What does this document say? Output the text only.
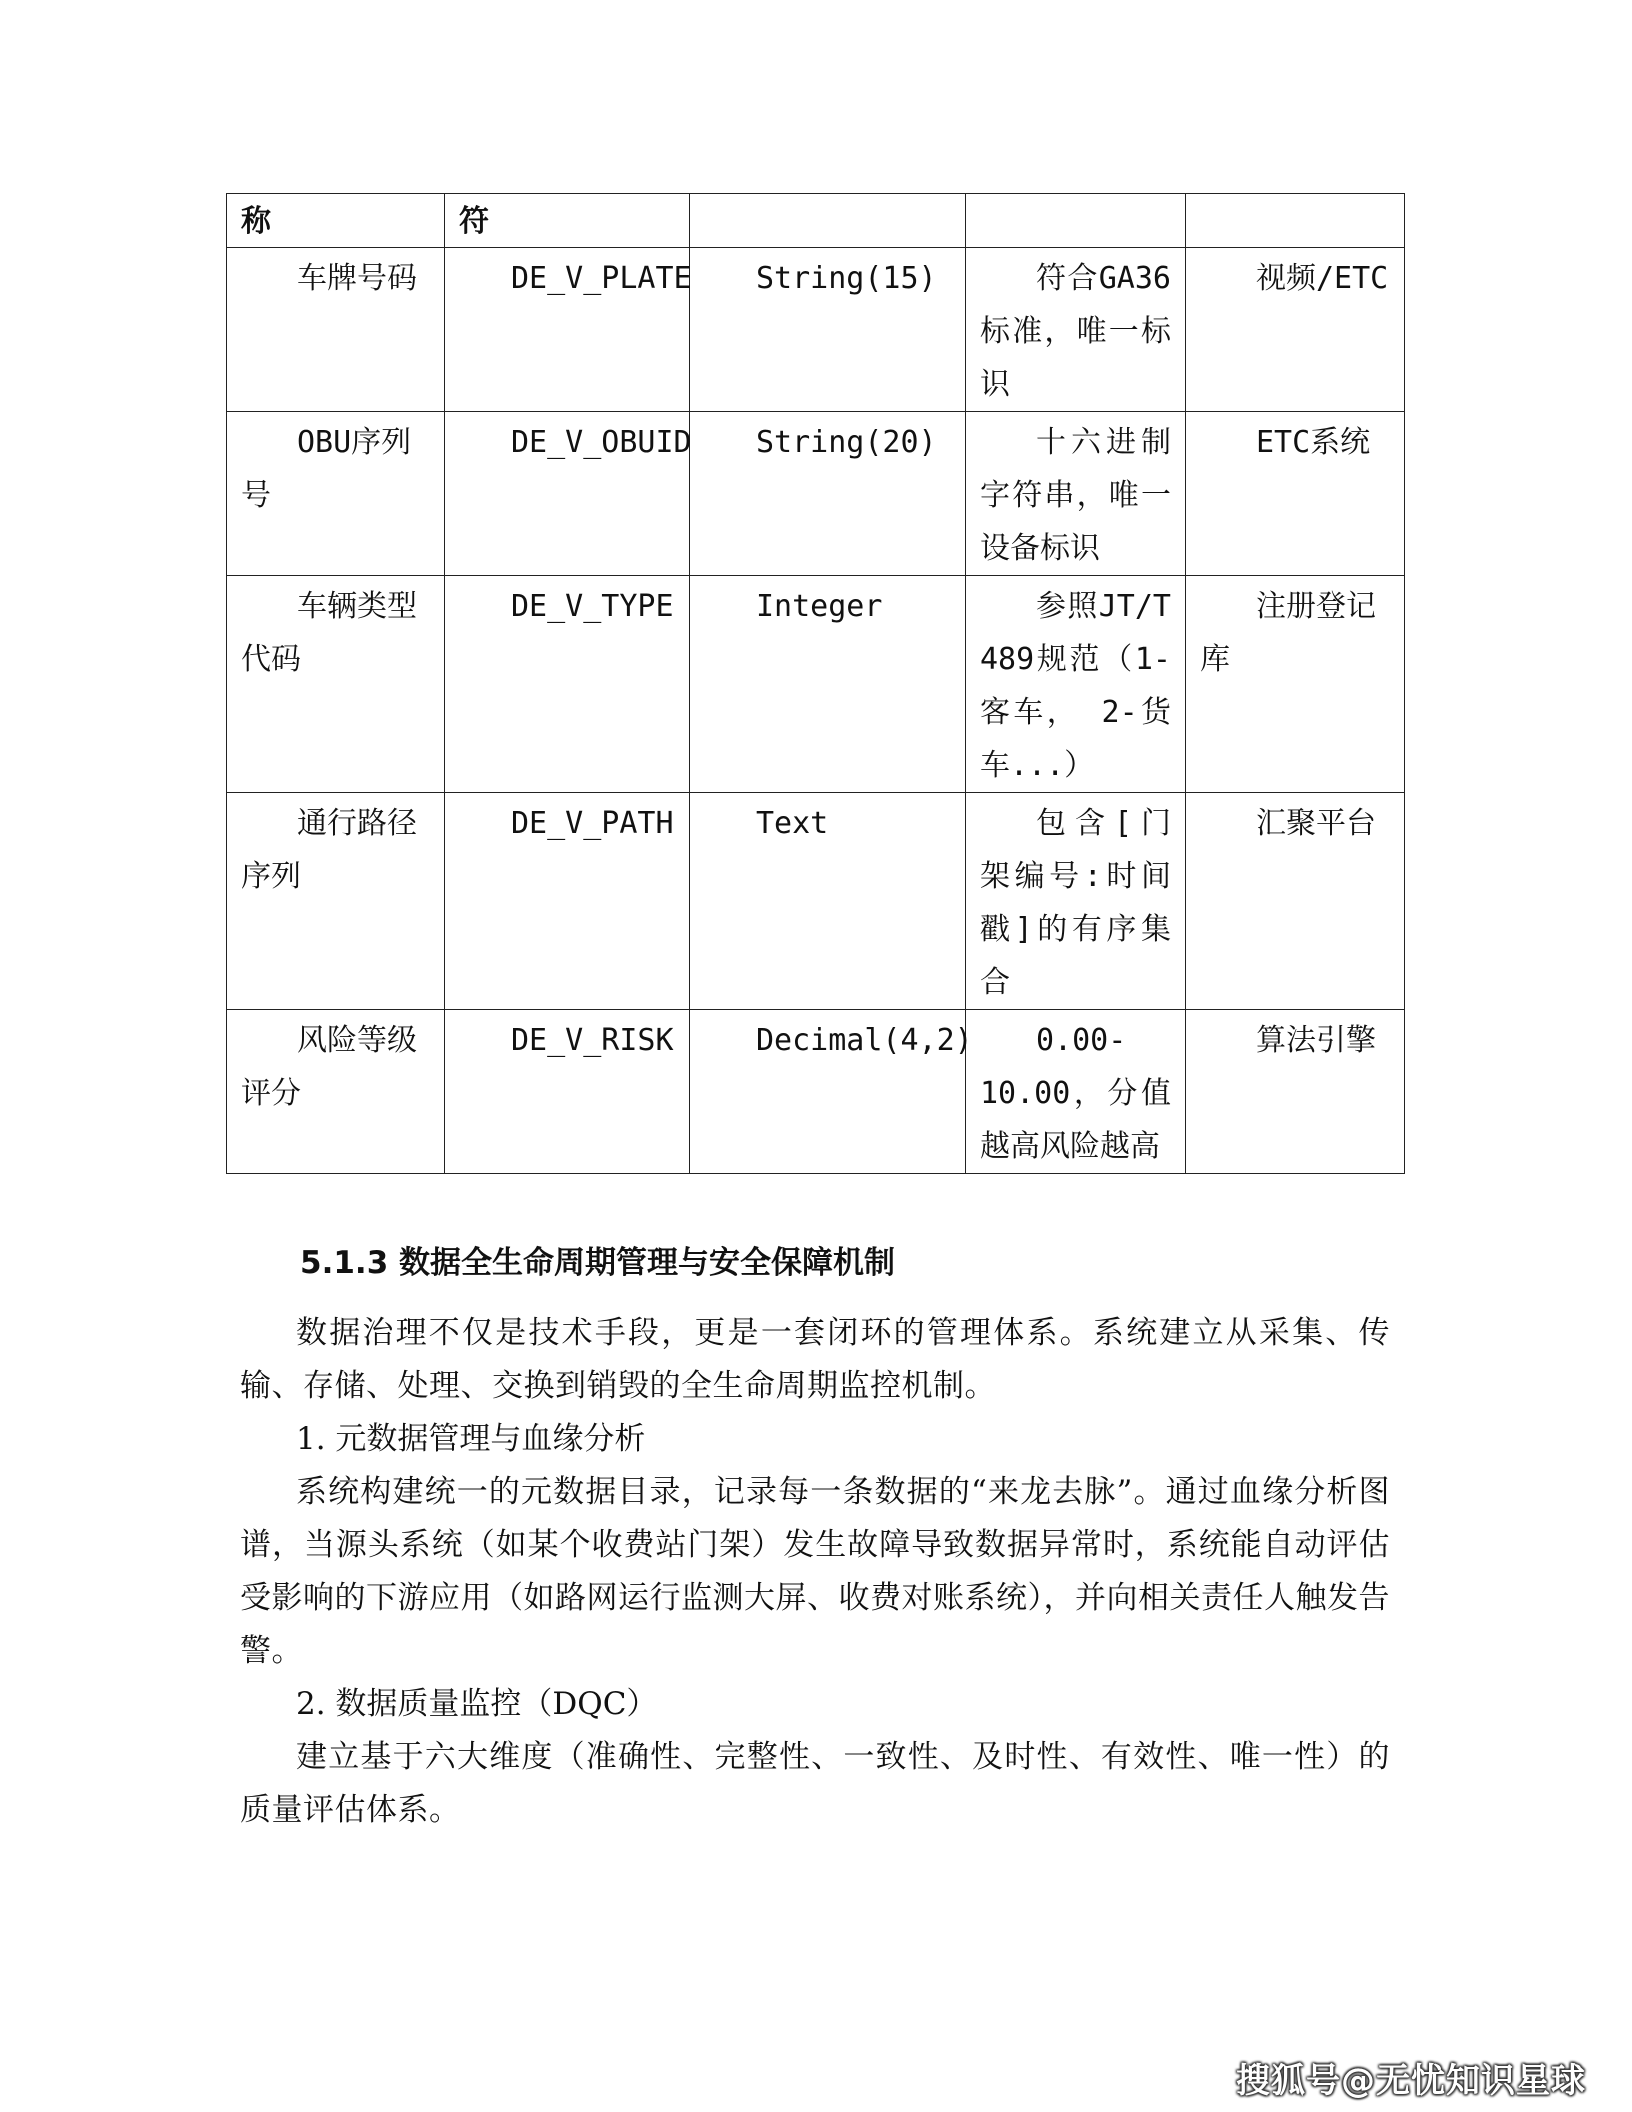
称	符			
车牌号码	DE_V_PLATE	String(15)	符合GA36标准，唯一标识	视频/ETC
OBU序列号	DE_V_OBUID	String(20)	十六进制字符串，唯一设备标识	ETC系统
车辆类型代码	DE_V_TYPE	Integer	参照JT/T 489规范（1-客车， 2-货车...）	注册登记库
通行路径序列	DE_V_PATH	Text	包含[门架编号:时间戳]的有序集合	汇聚平台
风险等级评分	DE_V_RISK	Decimal(4,2)	0.00-10.00，分值越高风险越高	算法引擎
5.1.3 数据全生命周期管理与安全保障机制

数据治理不仅是技术手段，更是一套闭环的管理体系。系统建立从采集、传输、存储、处理、交换到销毁的全生命周期监控机制。

1. 元数据管理与血缘分析

系统构建统一的元数据目录，记录每一条数据的“来龙去脉”。通过血缘分析图谱，当源头系统（如某个收费站门架）发生故障导致数据异常时，系统能自动评估受影响的下游应用（如路网运行监测大屏、收费对账系统），并向相关责任人触发告警。

2. 数据质量监控（DQC）

建立基于六大维度（准确性、完整性、一致性、及时性、有效性、唯一性）的质量评估体系。

搜狐号@无忧知识星球
